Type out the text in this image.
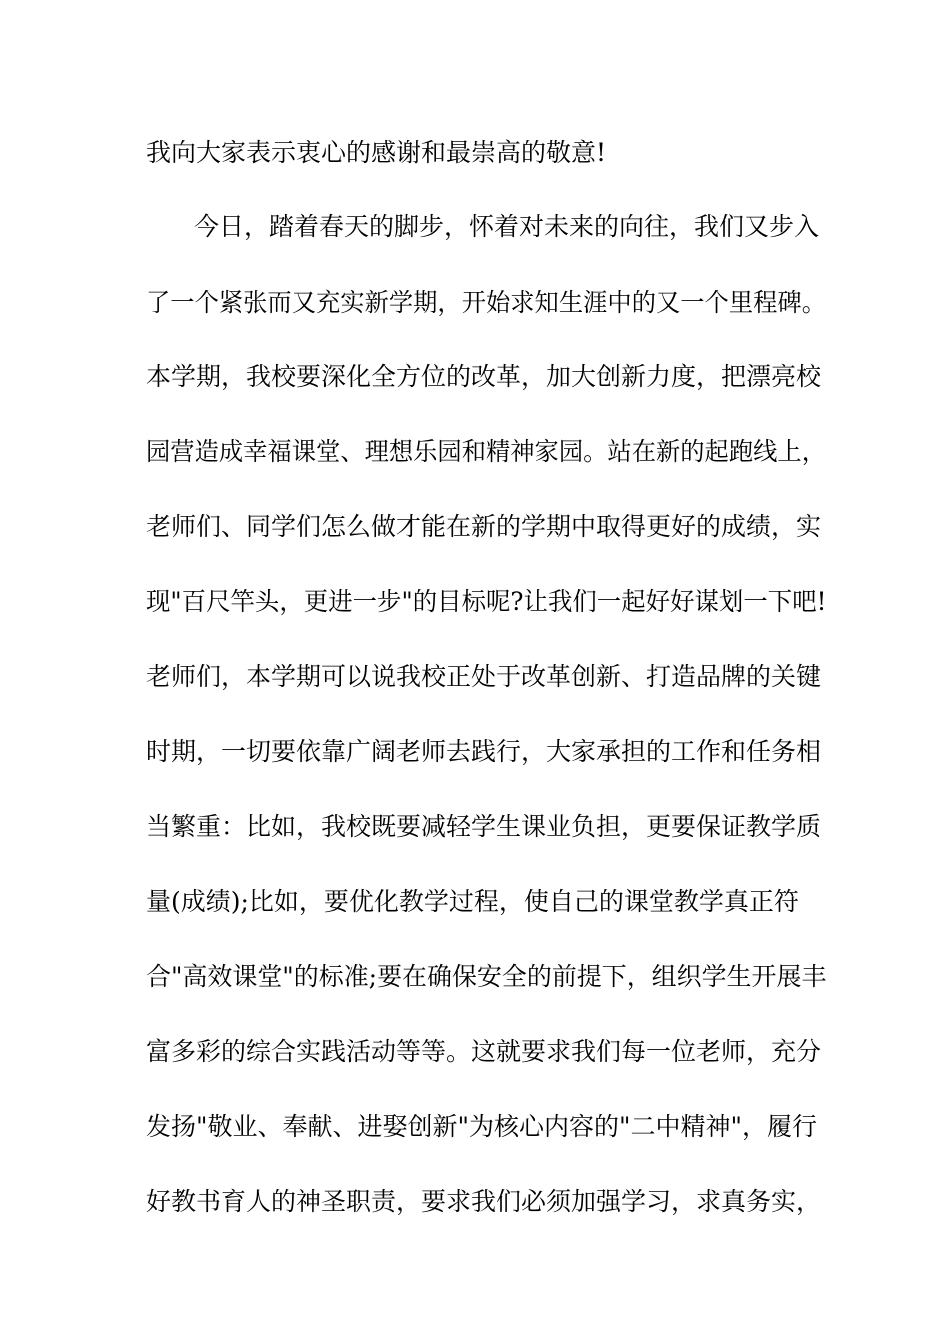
我向大家表示衷心的感谢和最崇高的敬意!
今日，踏着春天的脚步，怀着对未来的向往，我们又步入
了一个紧张而又充实新学期，开始求知生涯中的又一个里程碑。
本学期，我校要深化全方位的改革，加大创新力度，把漂亮校
园营造成幸福课堂、理想乐园和精神家园。站在新的起跑线上，
老师们、同学们怎么做才能在新的学期中取得更好的成绩，实
现"百尺竿头，更进一步"的目标呢?让我们一起好好谋划一下吧!
老师们，本学期可以说我校正处于改革创新、打造品牌的关键
时期，一切要依靠广阔老师去践行，大家承担的工作和任务相
当繁重：比如，我校既要减轻学生课业负担，更要保证教学质
量(成绩);比如，要优化教学过程，使自己的课堂教学真正符
合"高效课堂"的标准;要在确保安全的前提下，组织学生开展丰
富多彩的综合实践活动等等。这就要求我们每一位老师，充分
发扬"敬业、奉献、进娶创新"为核心内容的"二中精神"，履行
好教书育人的神圣职责，要求我们必须加强学习，求真务实，
